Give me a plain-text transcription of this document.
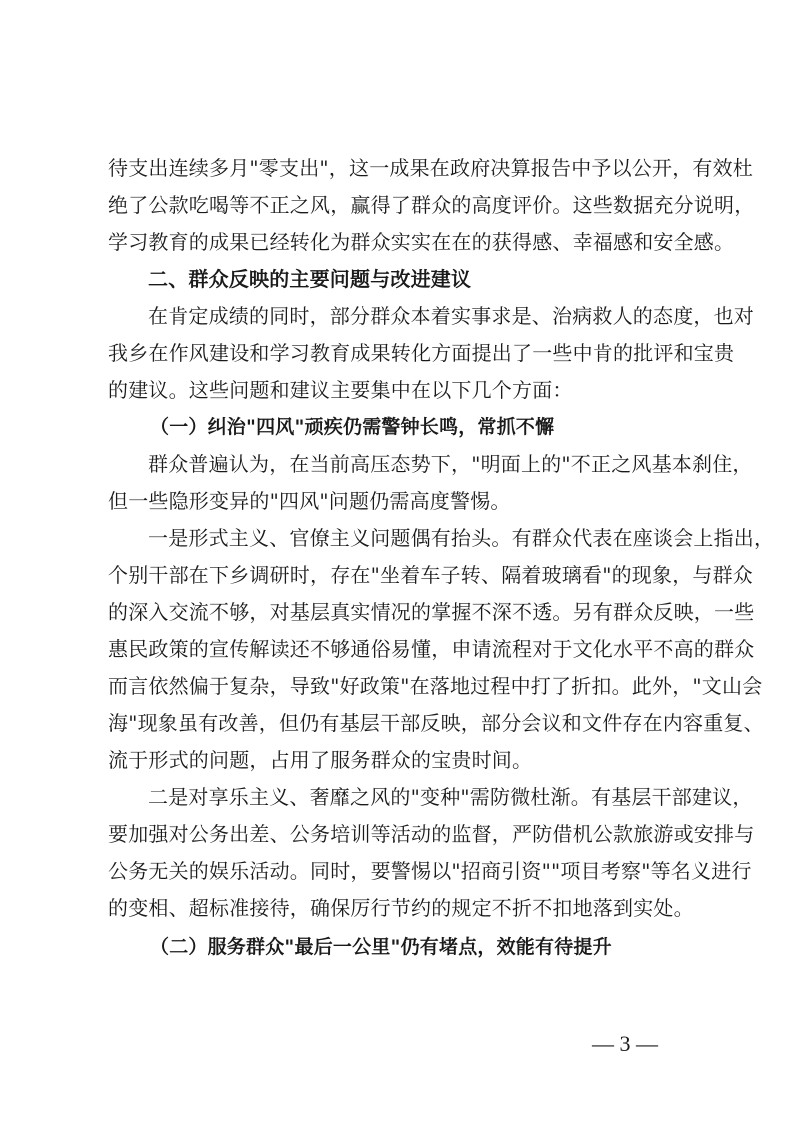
待支出连续多月"零支出"，这一成果在政府决算报告中予以公开，有效杜
绝了公款吃喝等不正之风，赢得了群众的高度评价。这些数据充分说明，
学习教育的成果已经转化为群众实实在在的获得感、幸福感和安全感。
二、群众反映的主要问题与改进建议
在肯定成绩的同时，部分群众本着实事求是、治病救人的态度，也对
我乡在作风建设和学习教育成果转化方面提出了一些中肯的批评和宝贵
的建议。这些问题和建议主要集中在以下几个方面：
（一）纠治"四风"顽疾仍需警钟长鸣，常抓不懈
群众普遍认为，在当前高压态势下，"明面上的"不正之风基本刹住，
但一些隐形变异的"四风"问题仍需高度警惕。
一是形式主义、官僚主义问题偶有抬头。有群众代表在座谈会上指出，
个别干部在下乡调研时，存在"坐着车子转、隔着玻璃看"的现象，与群众
的深入交流不够，对基层真实情况的掌握不深不透。另有群众反映，一些
惠民政策的宣传解读还不够通俗易懂，申请流程对于文化水平不高的群众
而言依然偏于复杂，导致"好政策"在落地过程中打了折扣。此外，"文山会
海"现象虽有改善，但仍有基层干部反映，部分会议和文件存在内容重复、
流于形式的问题，占用了服务群众的宝贵时间。
二是对享乐主义、奢靡之风的"变种"需防微杜渐。有基层干部建议，
要加强对公务出差、公务培训等活动的监督，严防借机公款旅游或安排与
公务无关的娱乐活动。同时，要警惕以"招商引资""项目考察"等名义进行
的变相、超标准接待，确保厉行节约的规定不折不扣地落到实处。
（二）服务群众"最后一公里"仍有堵点，效能有待提升
— 3 —
